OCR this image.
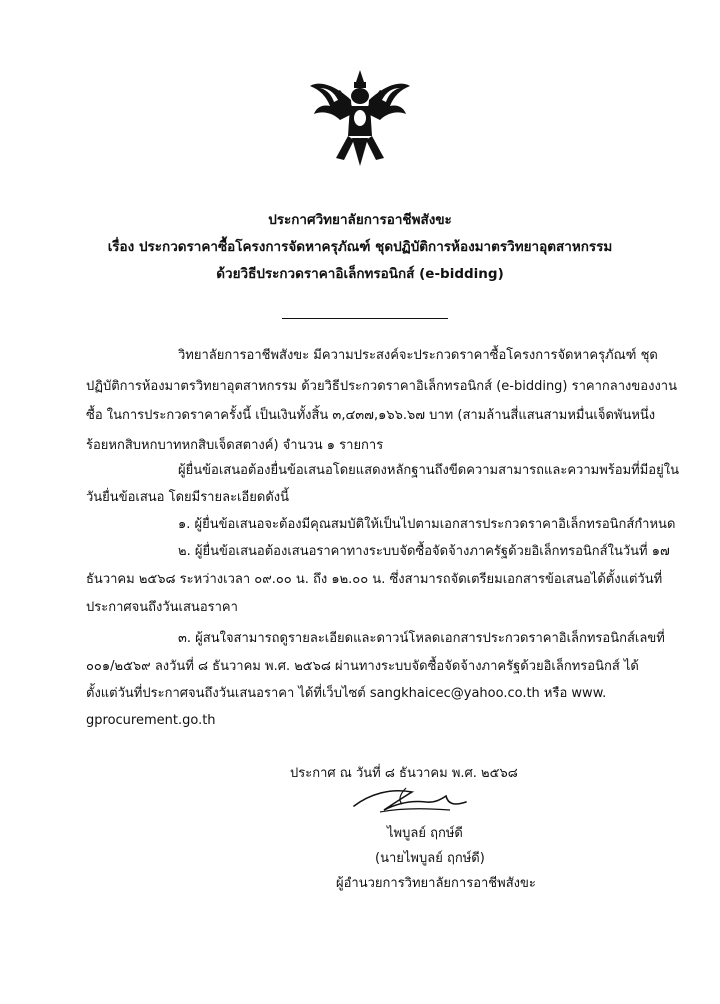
ประกาศวิทยาลัยการอาชีพสังขะ
เรื่อง ประกวดราคาซื้อโครงการจัดหาครุภัณฑ์ ชุดปฏิบัติการห้องมาตรวิทยาอุตสาหกรรม
ด้วยวิธีประกวดราคาอิเล็กทรอนิกส์ (e-bidding)
วิทยาลัยการอาชีพสังขะ มีความประสงค์จะประกวดราคาซื้อโครงการจัดหาครุภัณฑ์ ชุด
ปฏิบัติการห้องมาตรวิทยาอุตสาหกรรม ด้วยวิธีประกวดราคาอิเล็กทรอนิกส์ (e-bidding) ราคากลางของงาน
ซื้อ ในการประกวดราคาครั้งนี้ เป็นเงินทั้งสิ้น ๓,๔๓๗,๑๖๖.๖๗ บาท (สามล้านสี่แสนสามหมื่นเจ็ดพันหนึ่ง
ร้อยหกสิบหกบาทหกสิบเจ็ดสตางค์) จำนวน ๑ รายการ
ผู้ยื่นข้อเสนอต้องยื่นข้อเสนอโดยแสดงหลักฐานถึงขีดความสามารถและความพร้อมที่มีอยู่ใน
วันยื่นข้อเสนอ โดยมีรายละเอียดดังนี้
๑. ผู้ยื่นข้อเสนอจะต้องมีคุณสมบัติให้เป็นไปตามเอกสารประกวดราคาอิเล็กทรอนิกส์กำหนด
๒. ผู้ยื่นข้อเสนอต้องเสนอราคาทางระบบจัดซื้อจัดจ้างภาครัฐด้วยอิเล็กทรอนิกส์ในวันที่ ๑๗
ธันวาคม ๒๕๖๘ ระหว่างเวลา ๐๙.๐๐ น. ถึง ๑๒.๐๐ น. ซึ่งสามารถจัดเตรียมเอกสารข้อเสนอได้ตั้งแต่วันที่
ประกาศจนถึงวันเสนอราคา
๓. ผู้สนใจสามารถดูรายละเอียดและดาวน์โหลดเอกสารประกวดราคาอิเล็กทรอนิกส์เลขที่
๐๐๑/๒๕๖๙ ลงวันที่ ๘ ธันวาคม พ.ศ. ๒๕๖๘ ผ่านทางระบบจัดซื้อจัดจ้างภาครัฐด้วยอิเล็กทรอนิกส์ ได้
ตั้งแต่วันที่ประกาศจนถึงวันเสนอราคา ได้ที่เว็บไซต์ sangkhaicec@yahoo.co.th หรือ www.
gprocurement.go.th
ประกาศ ณ วันที่ ๘ ธันวาคม พ.ศ. ๒๕๖๘
ไพบูลย์ ฤกษ์ดี
(นายไพบูลย์ ฤกษ์ดี)
ผู้อำนวยการวิทยาลัยการอาชีพสังขะ
